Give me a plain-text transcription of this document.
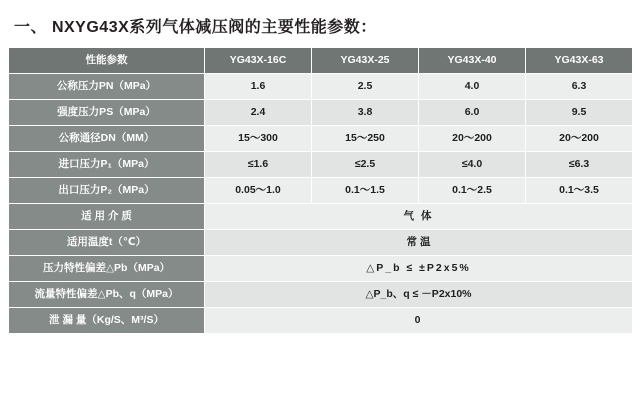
一、 NXYG43X系列气体减压阀的主要性能参数：
性能参数	YG43X-16C	YG43X-25	YG43X-40	YG43X-63
公称压力PN（MPa）	1.6	2.5	4.0	6.3
强度压力PS（MPa）	2.4	3.8	6.0	9.5
公称通径DN（MM）	15～300	15～250	20～200	20～200
进口压力P₁（MPa）	≤1.6	≤2.5	≤4.0	≤6.3
出口压力P₂（MPa）	0.05～1.0	0.1～1.5	0.1～2.5	0.1～3.5
适 用 介 质	气 体			
适用温度t（℃）	常 温			
压力特性偏差△Pb（MPa）	△P_b ≤ ±P2x5%			
流量特性偏差△Pb、q（MPa）	△P_b、q ≤ －P2x10%			
泄 漏 量（Kg/S、M³/S）	0			
